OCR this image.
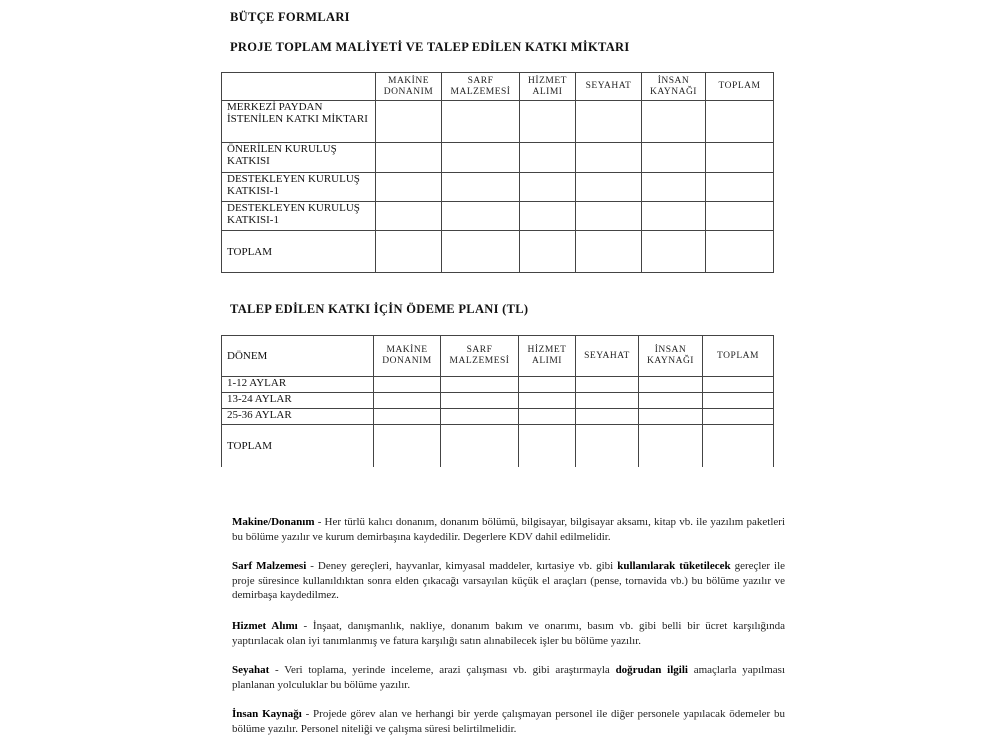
BÜTÇE FORMLARI
PROJE TOPLAM MALİYETİ VE TALEP EDİLEN KATKI MİKTARI
	MAKİNE DONANIM	SARF MALZEMESİ	HİZMET ALIMI	SEYAHAT	İNSAN KAYNAĞI	TOPLAM
MERKEZİ PAYDAN İSTENİLEN KATKI MİKTARI						
ÖNERİLEN KURULUŞ KATKISI						
DESTEKLEYEN KURULUŞ KATKISI-1						
DESTEKLEYEN KURULUŞ KATKISI-1						
TOPLAM						
TALEP EDİLEN KATKI İÇİN ÖDEME PLANI (TL)
DÖNEM	MAKİNE DONANIM	SARF MALZEMESİ	HİZMET ALIMI	SEYAHAT	İNSAN KAYNAĞI	TOPLAM
1-12 AYLAR						
13-24 AYLAR						
25-36 AYLAR						
TOPLAM						

Makine/Donanım - Her türlü kalıcı donanım, donanım bölümü, bilgisayar, bilgisayar aksamı, kitap vb. ile yazılım paketleri bu bölüme yazılır ve kurum demirbaşına kaydedilir. Degerlere KDV dahil edilmelidir.

Sarf Malzemesi - Deney gereçleri, hayvanlar, kimyasal maddeler, kırtasiye vb. gibi kullanılarak tüketilecek gereçler ile proje süresince kullanıldıktan sonra elden çıkacağı varsayılan küçük el araçları (pense, tornavida vb.) bu bölüme yazılır ve demirbaşa kaydedilmez.

Hizmet Alımı - İnşaat, danışmanlık, nakliye, donanım bakım ve onarımı, basım vb. gibi belli bir ücret karşılığında yaptırılacak olan iyi tanımlanmış ve fatura karşılığı satın alınabilecek işler bu bölüme yazılır.

Seyahat - Veri toplama, yerinde inceleme, arazi çalışması vb. gibi araştırmayla doğrudan ilgili amaçlarla yapılması planlanan yolculuklar bu bölüme yazılır.

İnsan Kaynağı - Projede görev alan ve herhangi bir yerde çalışmayan personel ile diğer personele yapılacak ödemeler bu bölüme yazılır. Personel niteliği ve çalışma süresi belirtilmelidir.
